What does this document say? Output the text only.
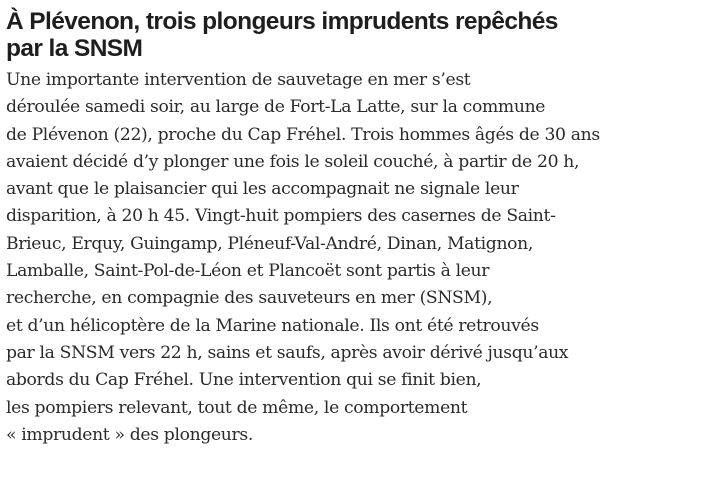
À Plévenon, trois plongeurs imprudents repêchés
par la SNSM
Une importante intervention de sauvetage en mer s’est
déroulée samedi soir, au large de Fort-La Latte, sur la commune
de Plévenon (22), proche du Cap Fréhel. Trois hommes âgés de 30 ans
avaient décidé d’y plonger une fois le soleil couché, à partir de 20 h,
avant que le plaisancier qui les accompagnait ne signale leur
disparition, à 20 h 45. Vingt-huit pompiers des casernes de Saint-
Brieuc, Erquy, Guingamp, Pléneuf-Val-André, Dinan, Matignon,
Lamballe, Saint-Pol-de-Léon et Plancoët sont partis à leur
recherche, en compagnie des sauveteurs en mer (SNSM),
et d’un hélicoptère de la Marine nationale. Ils ont été retrouvés
par la SNSM vers 22 h, sains et saufs, après avoir dérivé jusqu’aux
abords du Cap Fréhel. Une intervention qui se finit bien,
les pompiers relevant, tout de même, le comportement
« imprudent » des plongeurs.
